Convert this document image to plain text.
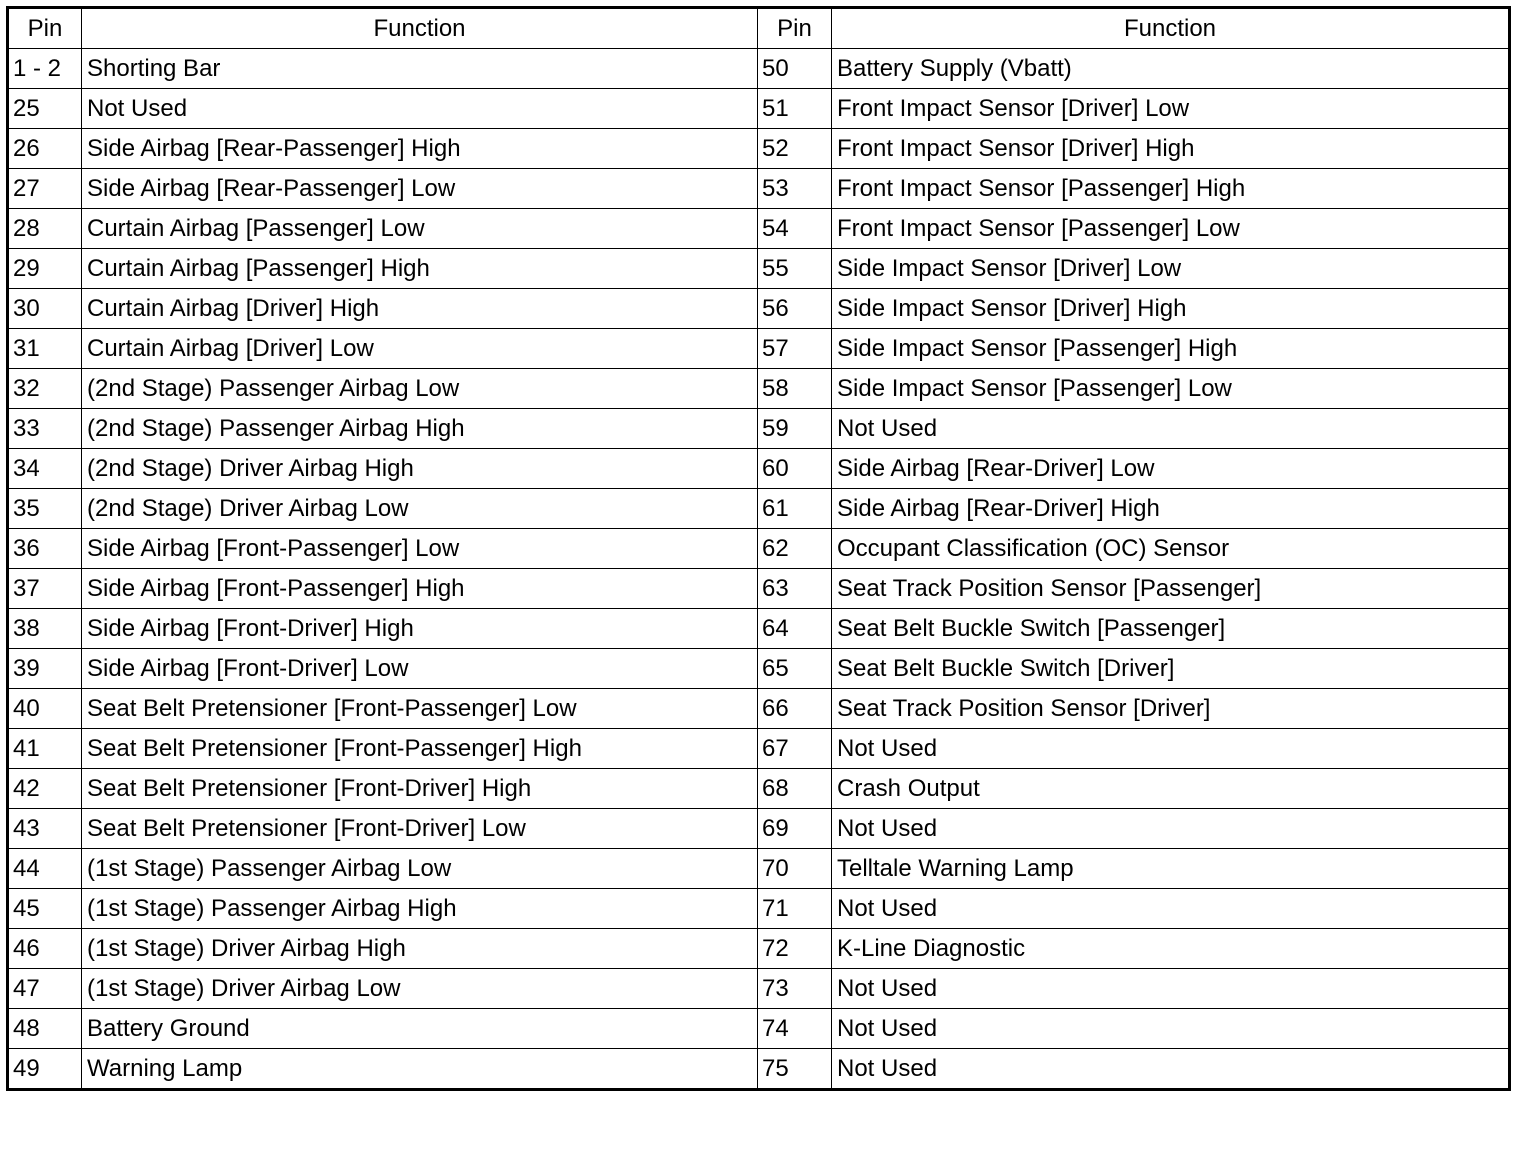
Pin	Function	Pin	Function
1 - 2	Shorting Bar	50	Battery Supply (Vbatt)
25	Not Used	51	Front Impact Sensor [Driver] Low
26	Side Airbag [Rear-Passenger] High	52	Front Impact Sensor [Driver] High
27	Side Airbag [Rear-Passenger] Low	53	Front Impact Sensor [Passenger] High
28	Curtain Airbag [Passenger] Low	54	Front Impact Sensor [Passenger] Low
29	Curtain Airbag [Passenger] High	55	Side Impact Sensor [Driver] Low
30	Curtain Airbag [Driver] High	56	Side Impact Sensor [Driver] High
31	Curtain Airbag [Driver] Low	57	Side Impact Sensor [Passenger] High
32	(2nd Stage) Passenger Airbag Low	58	Side Impact Sensor [Passenger] Low
33	(2nd Stage) Passenger Airbag High	59	Not Used
34	(2nd Stage) Driver Airbag High	60	Side Airbag [Rear-Driver] Low
35	(2nd Stage) Driver Airbag Low	61	Side Airbag [Rear-Driver] High
36	Side Airbag [Front-Passenger] Low	62	Occupant Classification (OC) Sensor
37	Side Airbag [Front-Passenger] High	63	Seat Track Position Sensor [Passenger]
38	Side Airbag [Front-Driver] High	64	Seat Belt Buckle Switch [Passenger]
39	Side Airbag [Front-Driver] Low	65	Seat Belt Buckle Switch [Driver]
40	Seat Belt Pretensioner [Front-Passenger] Low	66	Seat Track Position Sensor [Driver]
41	Seat Belt Pretensioner [Front-Passenger] High	67	Not Used
42	Seat Belt Pretensioner [Front-Driver] High	68	Crash Output
43	Seat Belt Pretensioner [Front-Driver] Low	69	Not Used
44	(1st Stage) Passenger Airbag Low	70	Telltale Warning Lamp
45	(1st Stage) Passenger Airbag High	71	Not Used
46	(1st Stage) Driver Airbag High	72	K-Line Diagnostic
47	(1st Stage) Driver Airbag Low	73	Not Used
48	Battery Ground	74	Not Used
49	Warning Lamp	75	Not Used
